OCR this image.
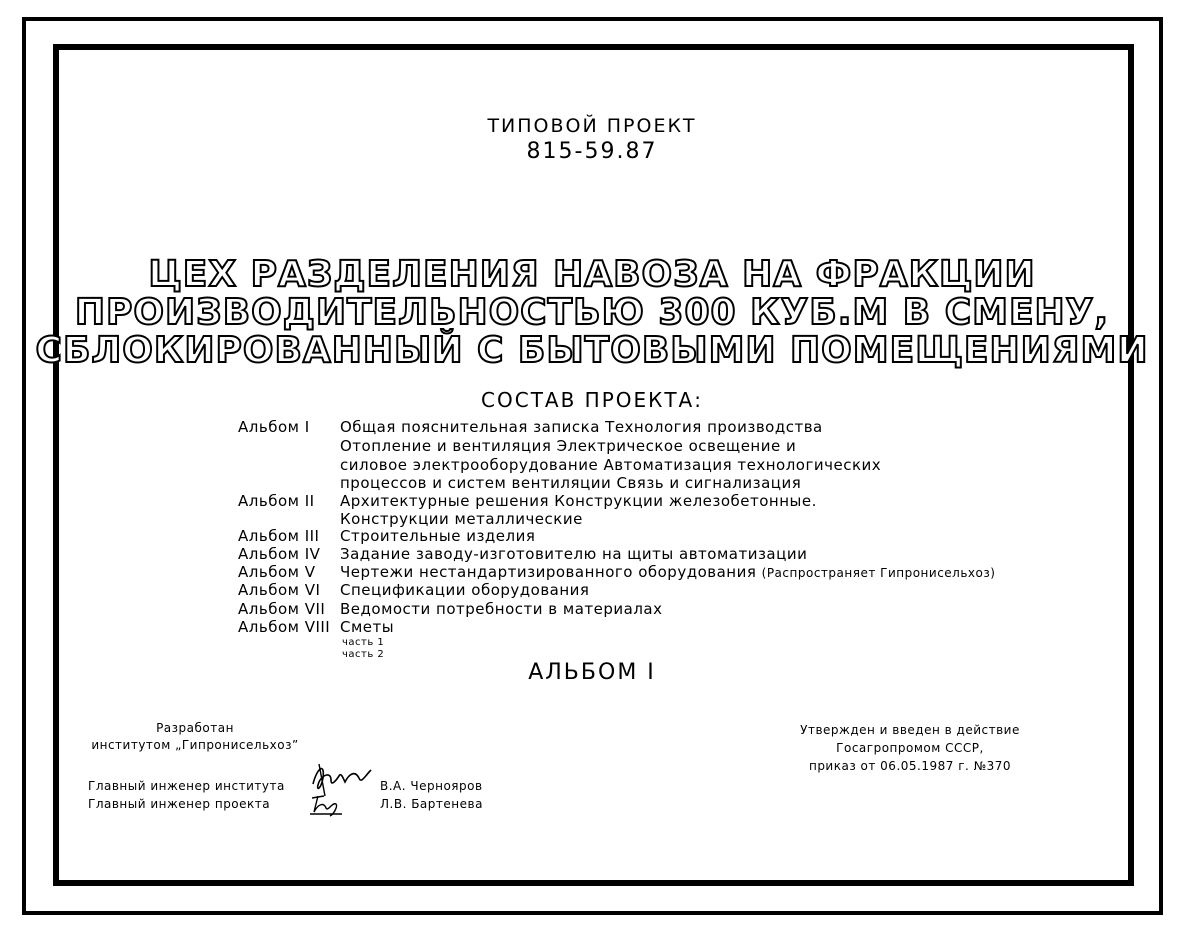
ТИПОВОЙ ПРОЕКТ
815-59.87
ЦЕХ РАЗДЕЛЕНИЯ НАВОЗА НА ФРАКЦИИ
ПРОИЗВОДИТЕЛЬНОСТЬЮ 300 КУБ.М В СМЕНУ,
СБЛОКИРОВАННЫЙ С БЫТОВЫМИ ПОМЕЩЕНИЯМИ
СОСТАВ ПРОЕКТА:
Альбом I Общая пояснительная записка Технология производства
Отопление и вентиляция Электрическое освещение и
силовое электрооборудование Автоматизация технологических
процессов и систем вентиляции Связь и сигнализация
Альбом II Архитектурные решения Конструкции железобетонные.
Конструкции металлические
Альбом III Строительные изделия
Альбом IV Задание заводу-изготовителю на щиты автоматизации
Альбом V Чертежи нестандартизированного оборудования (Распространяет Гипронисельхоз)
Альбом VI Спецификации оборудования
Альбом VII Ведомости потребности в материалах
Альбом VIII Сметы
часть 1
часть 2
АЛЬБОМ I
Разработан
институтом „Гипронисельхоз”
Утвержден и введен в действие
Госагропромом СССР,
приказ от 06.05.1987 г. №370
Главный инженер института	В.А. Чернояров
Главный инженер проекта	Л.В. Бартенева
